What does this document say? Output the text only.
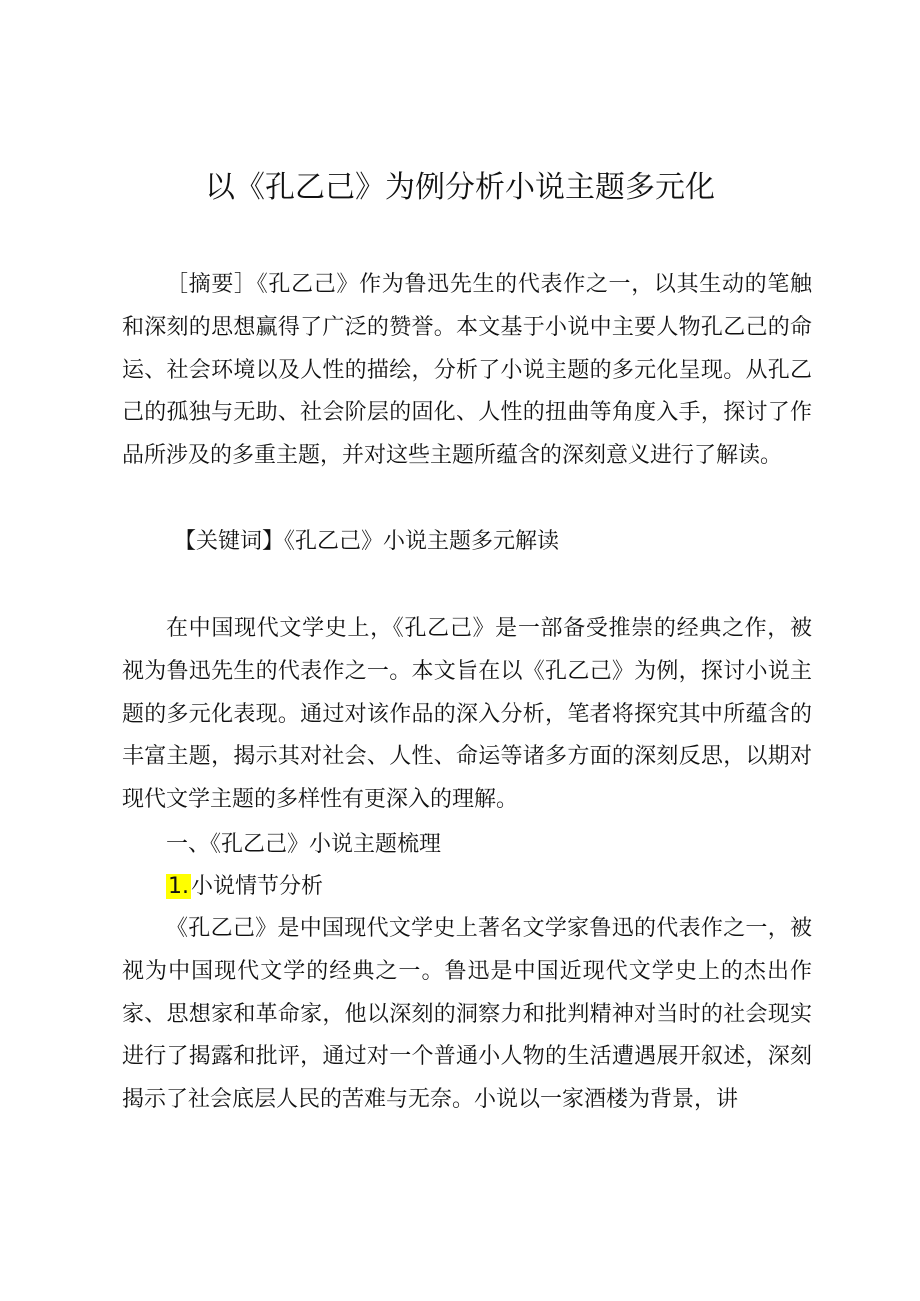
以《孔乙己》为例分析小说主题多元化

［摘要］《孔乙己》作为鲁迅先生的代表作之一，以其生动的笔触和深刻的思想赢得了广泛的赞誉。本文基于小说中主要人物孔乙己的命运、社会环境以及人性的描绘，分析了小说主题的多元化呈现。从孔乙己的孤独与无助、社会阶层的固化、人性的扭曲等角度入手，探讨了作品所涉及的多重主题，并对这些主题所蕴含的深刻意义进行了解读。

【关键词】《孔乙己》小说主题多元解读

在中国现代文学史上，《孔乙己》是一部备受推崇的经典之作，被视为鲁迅先生的代表作之一。本文旨在以《孔乙己》为例，探讨小说主题的多元化表现。通过对该作品的深入分析，笔者将探究其中所蕴含的丰富主题，揭示其对社会、人性、命运等诸多方面的深刻反思，以期对现代文学主题的多样性有更深入的理解。

一、《孔乙己》小说主题梳理

1.小说情节分析

《孔乙己》是中国现代文学史上著名文学家鲁迅的代表作之一，被视为中国现代文学的经典之一。鲁迅是中国近现代文学史上的杰出作家、思想家和革命家，他以深刻的洞察力和批判精神对当时的社会现实进行了揭露和批评，通过对一个普通小人物的生活遭遇展开叙述，深刻揭示了社会底层人民的苦难与无奈。小说以一家酒楼为背景，讲
